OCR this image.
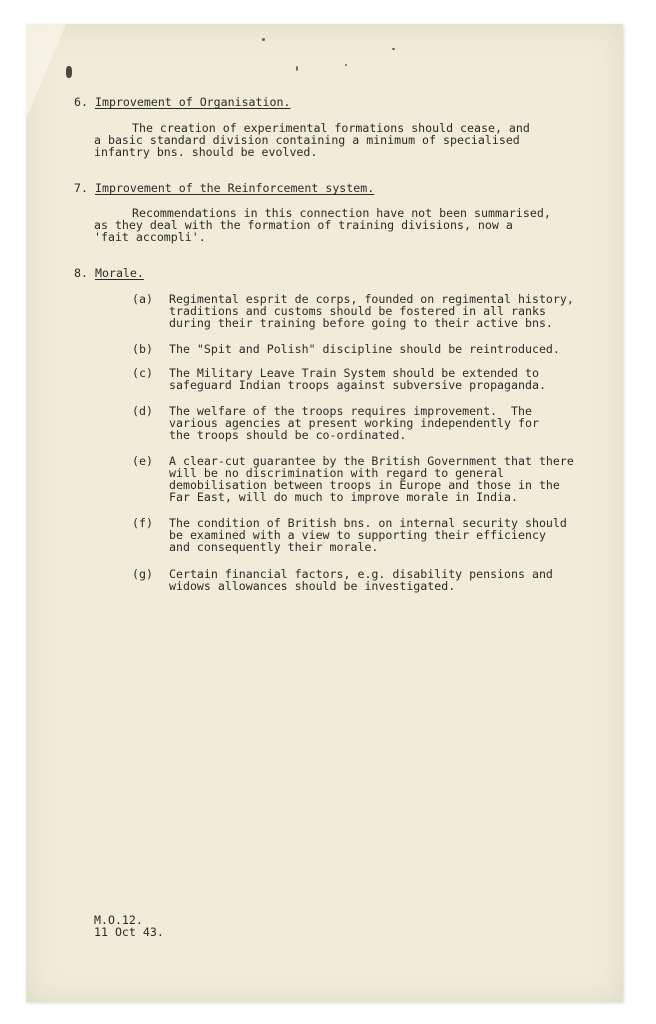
6. Improvement of Organisation.
The creation of experimental formations should cease, and
a basic standard division containing a minimum of specialised
infantry bns. should be evolved.
7. Improvement of the Reinforcement system.
Recommendations in this connection have not been summarised,
as they deal with the formation of training divisions, now a
'fait accompli'.
8. Morale.
(a) Regimental esprit de corps, founded on regimental history,
traditions and customs should be fostered in all ranks
during their training before going to their active bns.
(b) The "Spit and Polish" discipline should be reintroduced.
(c) The Military Leave Train System should be extended to
safeguard Indian troops against subversive propaganda.
(d) The welfare of the troops requires improvement.  The
various agencies at present working independently for
the troops should be co-ordinated.
(e) A clear-cut guarantee by the British Government that there
will be no discrimination with regard to general
demobilisation between troops in Europe and those in the
Far East, will do much to improve morale in India.
(f) The condition of British bns. on internal security should
be examined with a view to supporting their efficiency
and consequently their morale.
(g) Certain financial factors, e.g. disability pensions and
widows allowances should be investigated.
M.O.12.
11 Oct 43.
